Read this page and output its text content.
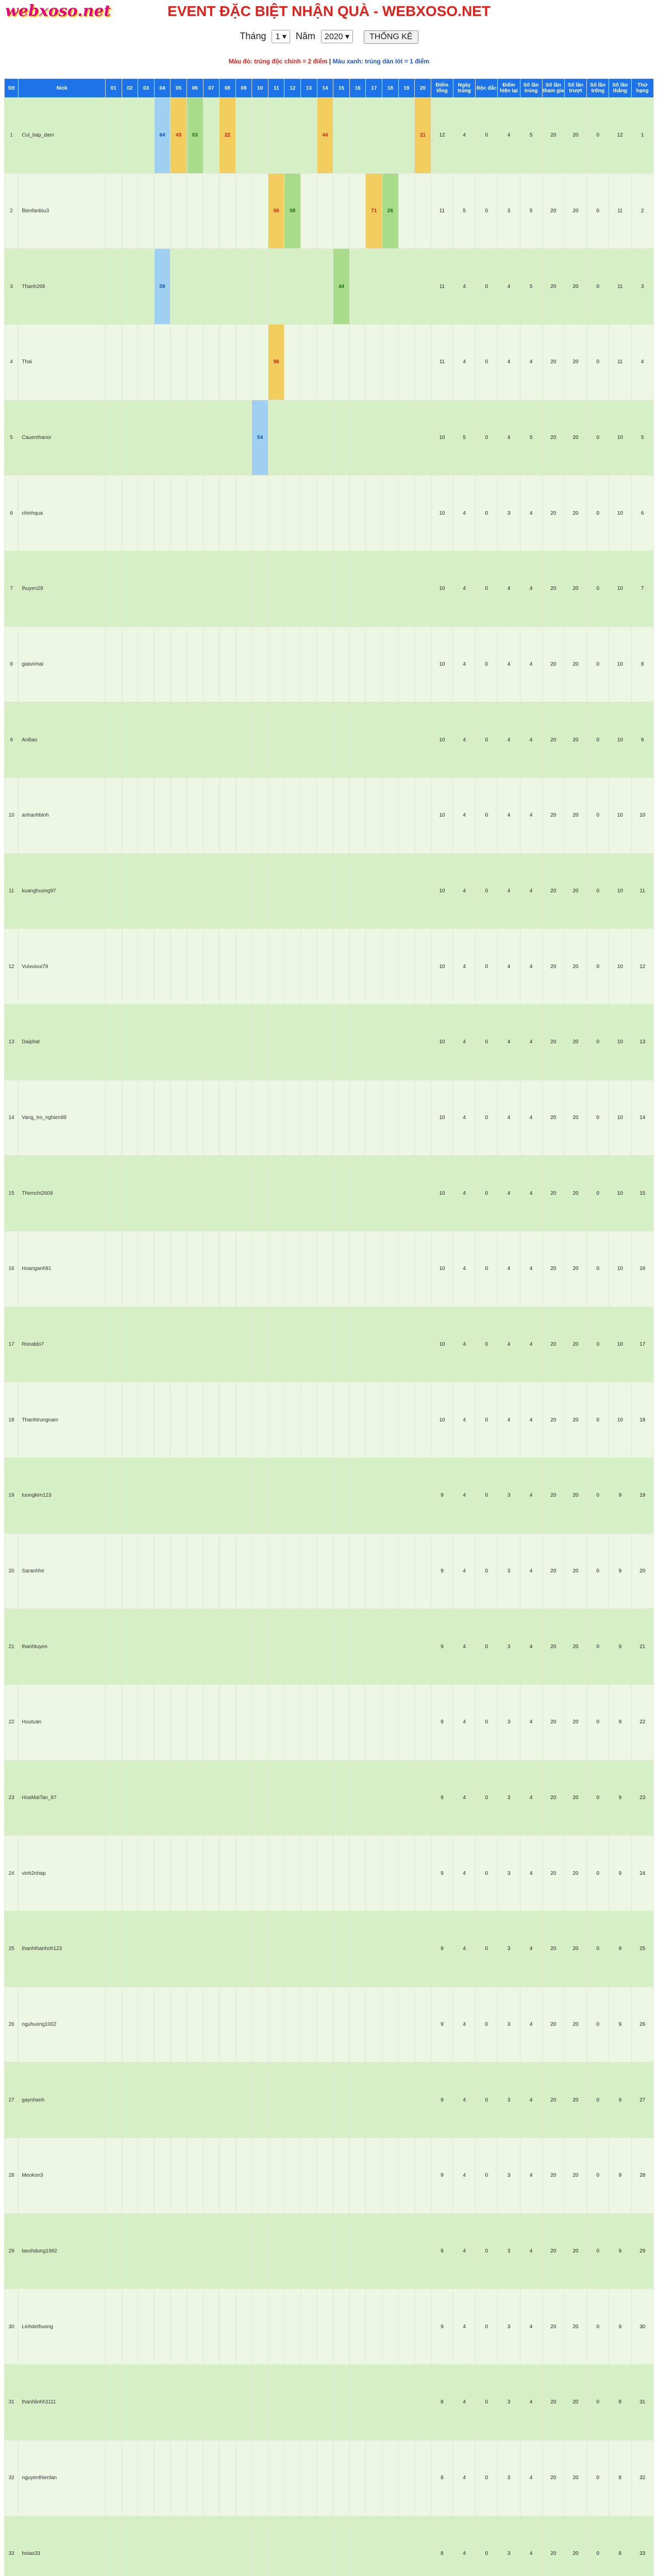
webxoso.net	EVENT ĐẶC BIỆT NHẬN QUÀ - WEBXOSO.NET
Tháng 1 ▾ Năm 2020 ▾ THỐNG KÊ
Màu đỏ: trúng độc chính = 2 điểm | Màu xanh: trúng dàn lót = 1 điểm
Stt	Nick	01	02	03	04	05	06	07	08	09	10	11	12	13	14	15	16	17	18	19	20	Điểm tổng	Ngày trúng	Độc đắc	Điểm hiện tại	Số lần trúng	Số lần tham gia	Số lần trượt	Số lần trống	Số lần thắng	Thứ hạng
1	Cui_bap_dam				64	43	03		22						44						21	12	4	0	4	5	20	20	0	12	1
2	Bienfanbiu3											56	08					71	26			11	5	0	3	5	20	20	0	11	2
3	Thanh268				09											44						11	4	0	4	5	20	20	0	11	3
4	Thai											96										11	4	0	4	4	20	20	0	11	4
5	Cauemhanoi										54											10	5	0	4	5	20	20	0	10	5
6	chinhqua																					10	4	0	3	4	20	20	0	10	6
7	thuyen29																					10	4	0	4	4	20	20	0	10	7
8	giaivinhai																					10	4	0	4	4	20	20	0	10	8
9	AnBao																					10	4	0	4	4	20	20	0	10	9
10	anhanhbinh																					10	4	0	4	4	20	20	0	10	10
11	kuanghuong97																					10	4	0	4	4	20	20	0	10	11
12	Vuivuivui79																					10	4	0	4	4	20	20	0	10	12
13	Daiphat																					10	4	0	4	4	20	20	0	10	13
14	Vang_tro_nghien89																					10	4	0	4	4	20	20	0	10	14
15	Thienchi2609																					10	4	0	4	4	20	20	0	10	15
16	Hoanganh91																					10	4	0	4	4	20	20	0	10	16
17	Ronaldo7																					10	4	0	4	4	20	20	0	10	17
18	Thanhtrungnam																					10	4	0	4	4	20	20	0	10	18
19	tuongkim123																					9	4	0	3	4	20	20	0	9	19
20	Saranhhe																					9	4	0	3	4	20	20	0	9	20
21	thanhtuyen																					9	4	0	3	4	20	20	0	9	21
22	Huutuan																					9	4	0	3	4	20	20	0	9	22
23	HoaMaiTan_87																					9	4	0	3	4	20	20	0	9	23
24	vinh2nhap																					9	4	0	3	4	20	20	0	9	24
25	thanhthanhnh123																					9	4	0	3	4	20	20	0	9	25
26	nguhuong1002																					9	4	0	3	4	20	20	0	9	26
27	gaynhanh																					9	4	0	3	4	20	20	0	9	27
28	Meokon3																					9	4	0	3	4	20	20	0	9	28
29	lasohdung1992																					9	4	0	3	4	20	20	0	9	29
30	Linhdethuong																					9	4	0	3	4	20	20	0	9	30
31	thanhlinhh1111																					8	4	0	3	4	20	20	0	8	31
32	nguyenthienlan																					8	4	0	3	4	20	20	0	8	32
33	hoiao33																					8	4	0	3	4	20	20	0	8	33
